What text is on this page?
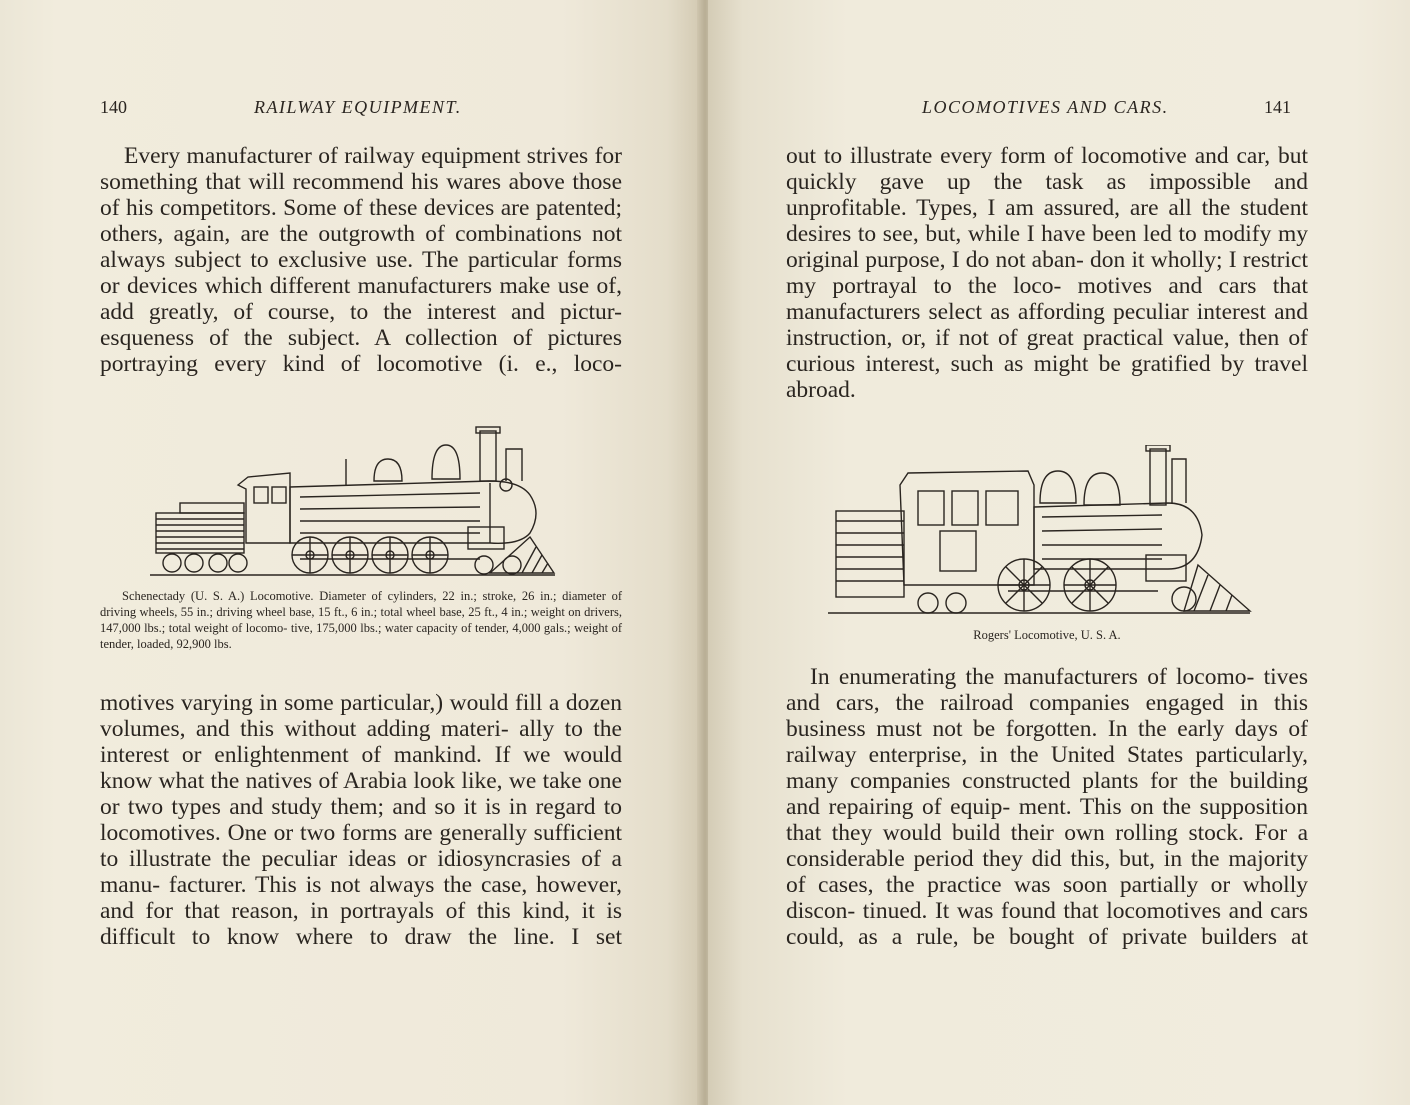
140	RAILWAY EQUIPMENT.
Every manufacturer of railway equipment strives for something that will recommend his wares above those of his competitors. Some of these devices are patented; others, again, are the outgrowth of combinations not always subject to exclusive use. The particular forms or devices which different manufacturers make use of, add greatly, of course, to the interest and pictur- esqueness of the subject. A collection of pictures portraying every kind of locomotive (i. e., loco-
Schenectady (U. S. A.) Locomotive. Diameter of cylinders, 22 in.; stroke, 26 in.; diameter of driving wheels, 55 in.; driving wheel base, 15 ft., 6 in.; total wheel base, 25 ft., 4 in.; weight on drivers, 147,000 lbs.; total weight of locomo- tive, 175,000 lbs.; water capacity of tender, 4,000 gals.; weight of tender, loaded, 92,900 lbs.
motives varying in some particular,) would fill a dozen volumes, and this without adding materi- ally to the interest or enlightenment of mankind. If we would know what the natives of Arabia look like, we take one or two types and study them; and so it is in regard to locomotives. One or two forms are generally sufficient to illustrate the peculiar ideas or idiosyncrasies of a manu- facturer. This is not always the case, however, and for that reason, in portrayals of this kind, it is difficult to know where to draw the line. I set
LOCOMOTIVES AND CARS.	141
out to illustrate every form of locomotive and car, but quickly gave up the task as impossible and unprofitable. Types, I am assured, are all the student desires to see, but, while I have been led to modify my original purpose, I do not aban- don it wholly; I restrict my portrayal to the loco- motives and cars that manufacturers select as affording peculiar interest and instruction, or, if not of great practical value, then of curious interest, such as might be gratified by travel abroad.
Rogers' Locomotive, U. S. A.
In enumerating the manufacturers of locomo- tives and cars, the railroad companies engaged in this business must not be forgotten. In the early days of railway enterprise, in the United States particularly, many companies constructed plants for the building and repairing of equip- ment. This on the supposition that they would build their own rolling stock. For a considerable period they did this, but, in the majority of cases, the practice was soon partially or wholly discon- tinued. It was found that locomotives and cars could, as a rule, be bought of private builders at
